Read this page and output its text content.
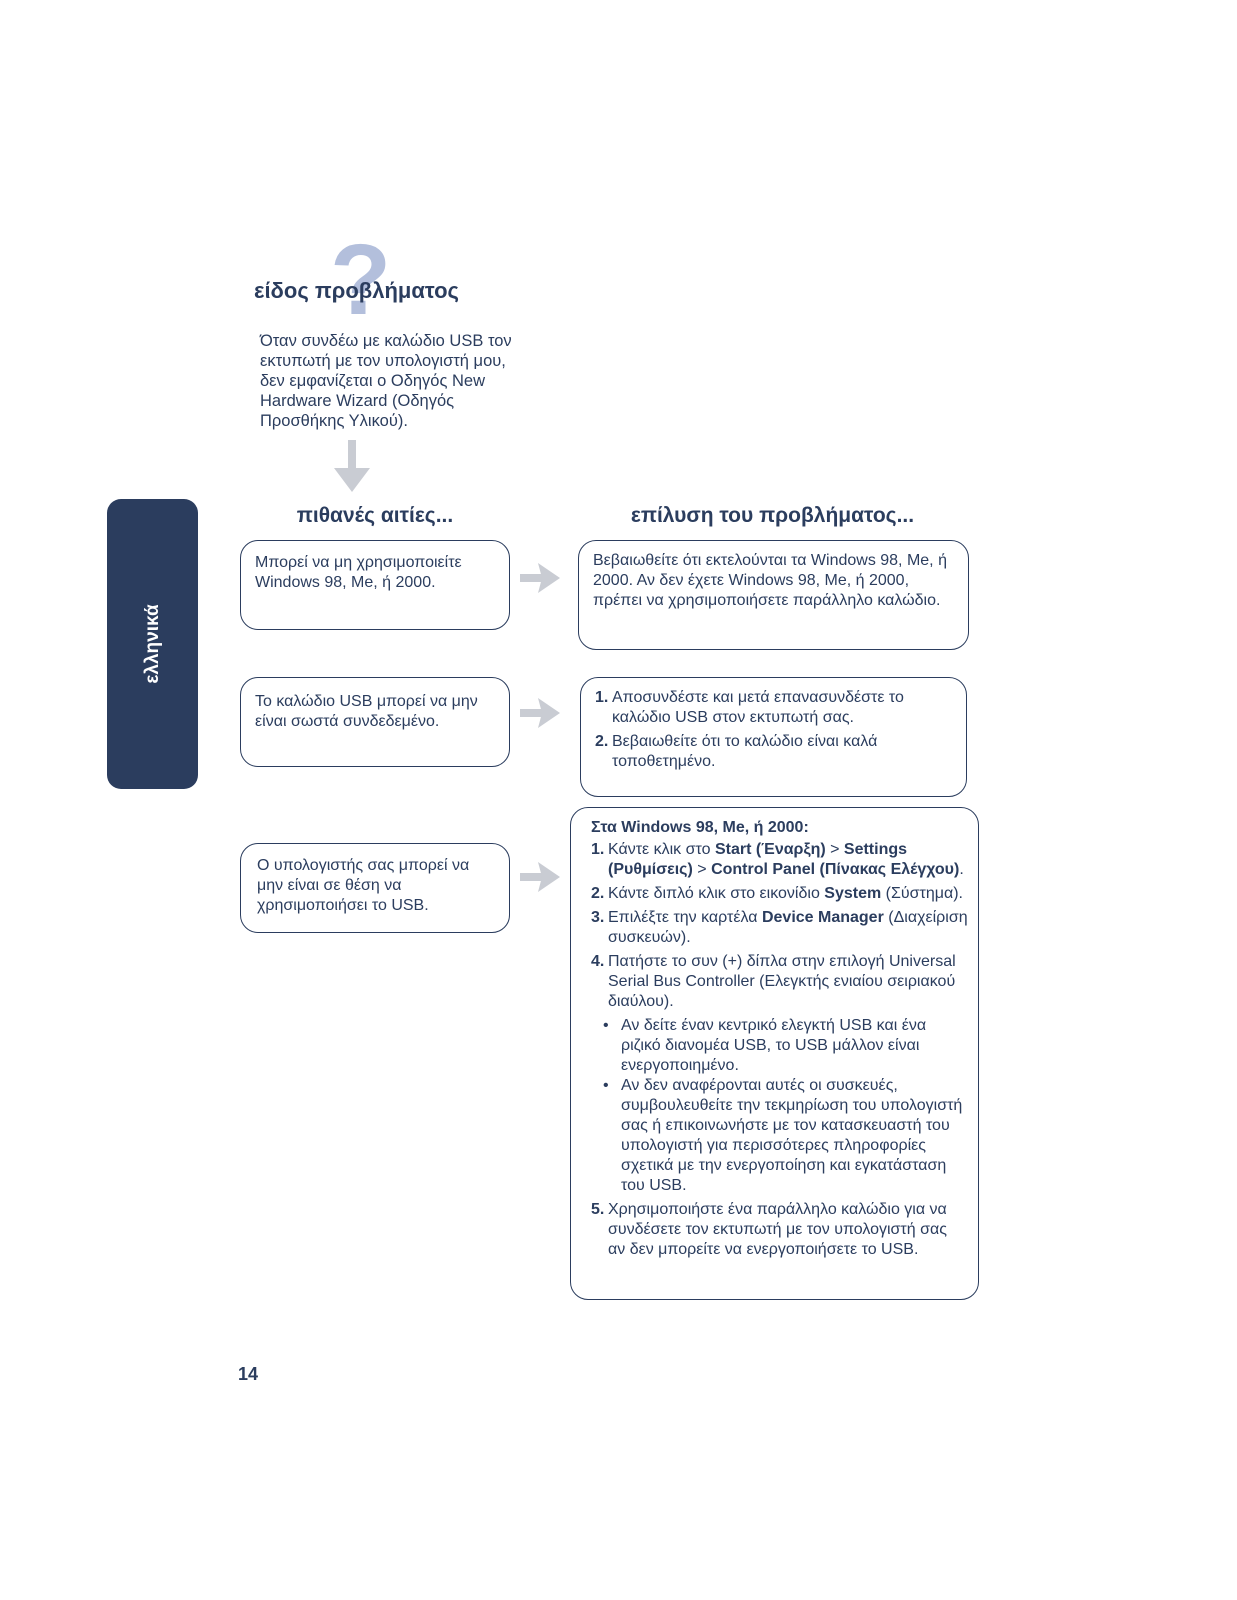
ελληνικά
?
είδος προβλήματος
Όταν συνδέω με καλώδιο USB τον εκτυπωτή με τον υπολογιστή μου, δεν εμφανίζεται ο Οδηγός New Hardware Wizard (Οδηγός Προσθήκης Υλικού).
πιθανές αιτίες...	επίλυση του προβλήματος...
Μπορεί να μη χρησιμοποιείτε Windows 98, Me, ή 2000.
Το καλώδιο USB μπορεί να μην είναι σωστά συνδεδεμένο.
Ο υπολογιστής σας μπορεί να μην είναι σε θέση να χρησιμοποιήσει το USB.
Βεβαιωθείτε ότι εκτελούνται τα Windows 98, Me, ή 2000. Αν δεν έχετε Windows 98, Me, ή 2000, πρέπει να χρησιμοποιήσετε παράλληλο καλώδιο.
1. Αποσυνδέστε και μετά επανασυνδέστε το καλώδιο USB στον εκτυπωτή σας.
2. Βεβαιωθείτε ότι το καλώδιο είναι καλά τοποθετημένο.
Στα Windows 98, Me, ή 2000:
1. Κάντε κλικ στο Start (Έναρξη) > Settings (Ρυθμίσεις) > Control Panel (Πίνακας Ελέγχου).
2. Κάντε διπλό κλικ στο εικονίδιο System (Σύστημα).
3. Επιλέξτε την καρτέλα Device Manager (Διαχείριση συσκευών).
4. Πατήστε το συν (+) δίπλα στην επιλογή Universal Serial Bus Controller (Ελεγκτής ενιαίου σειριακού διαύλου).
• Αν δείτε έναν κεντρικό ελεγκτή USB και ένα ριζικό διανομέα USB, το USB μάλλον είναι ενεργοποιημένο.
• Αν δεν αναφέρονται αυτές οι συσκευές, συμβουλευθείτε την τεκμηρίωση του υπολογιστή σας ή επικοινωνήστε με τον κατασκευαστή του υπολογιστή για περισσότερες πληροφορίες σχετικά με την ενεργοποίηση και εγκατάσταση του USB.
5. Χρησιμοποιήστε ένα παράλληλο καλώδιο για να συνδέσετε τον εκτυπωτή με τον υπολογιστή σας αν δεν μπορείτε να ενεργοποιήσετε το USB.
14
